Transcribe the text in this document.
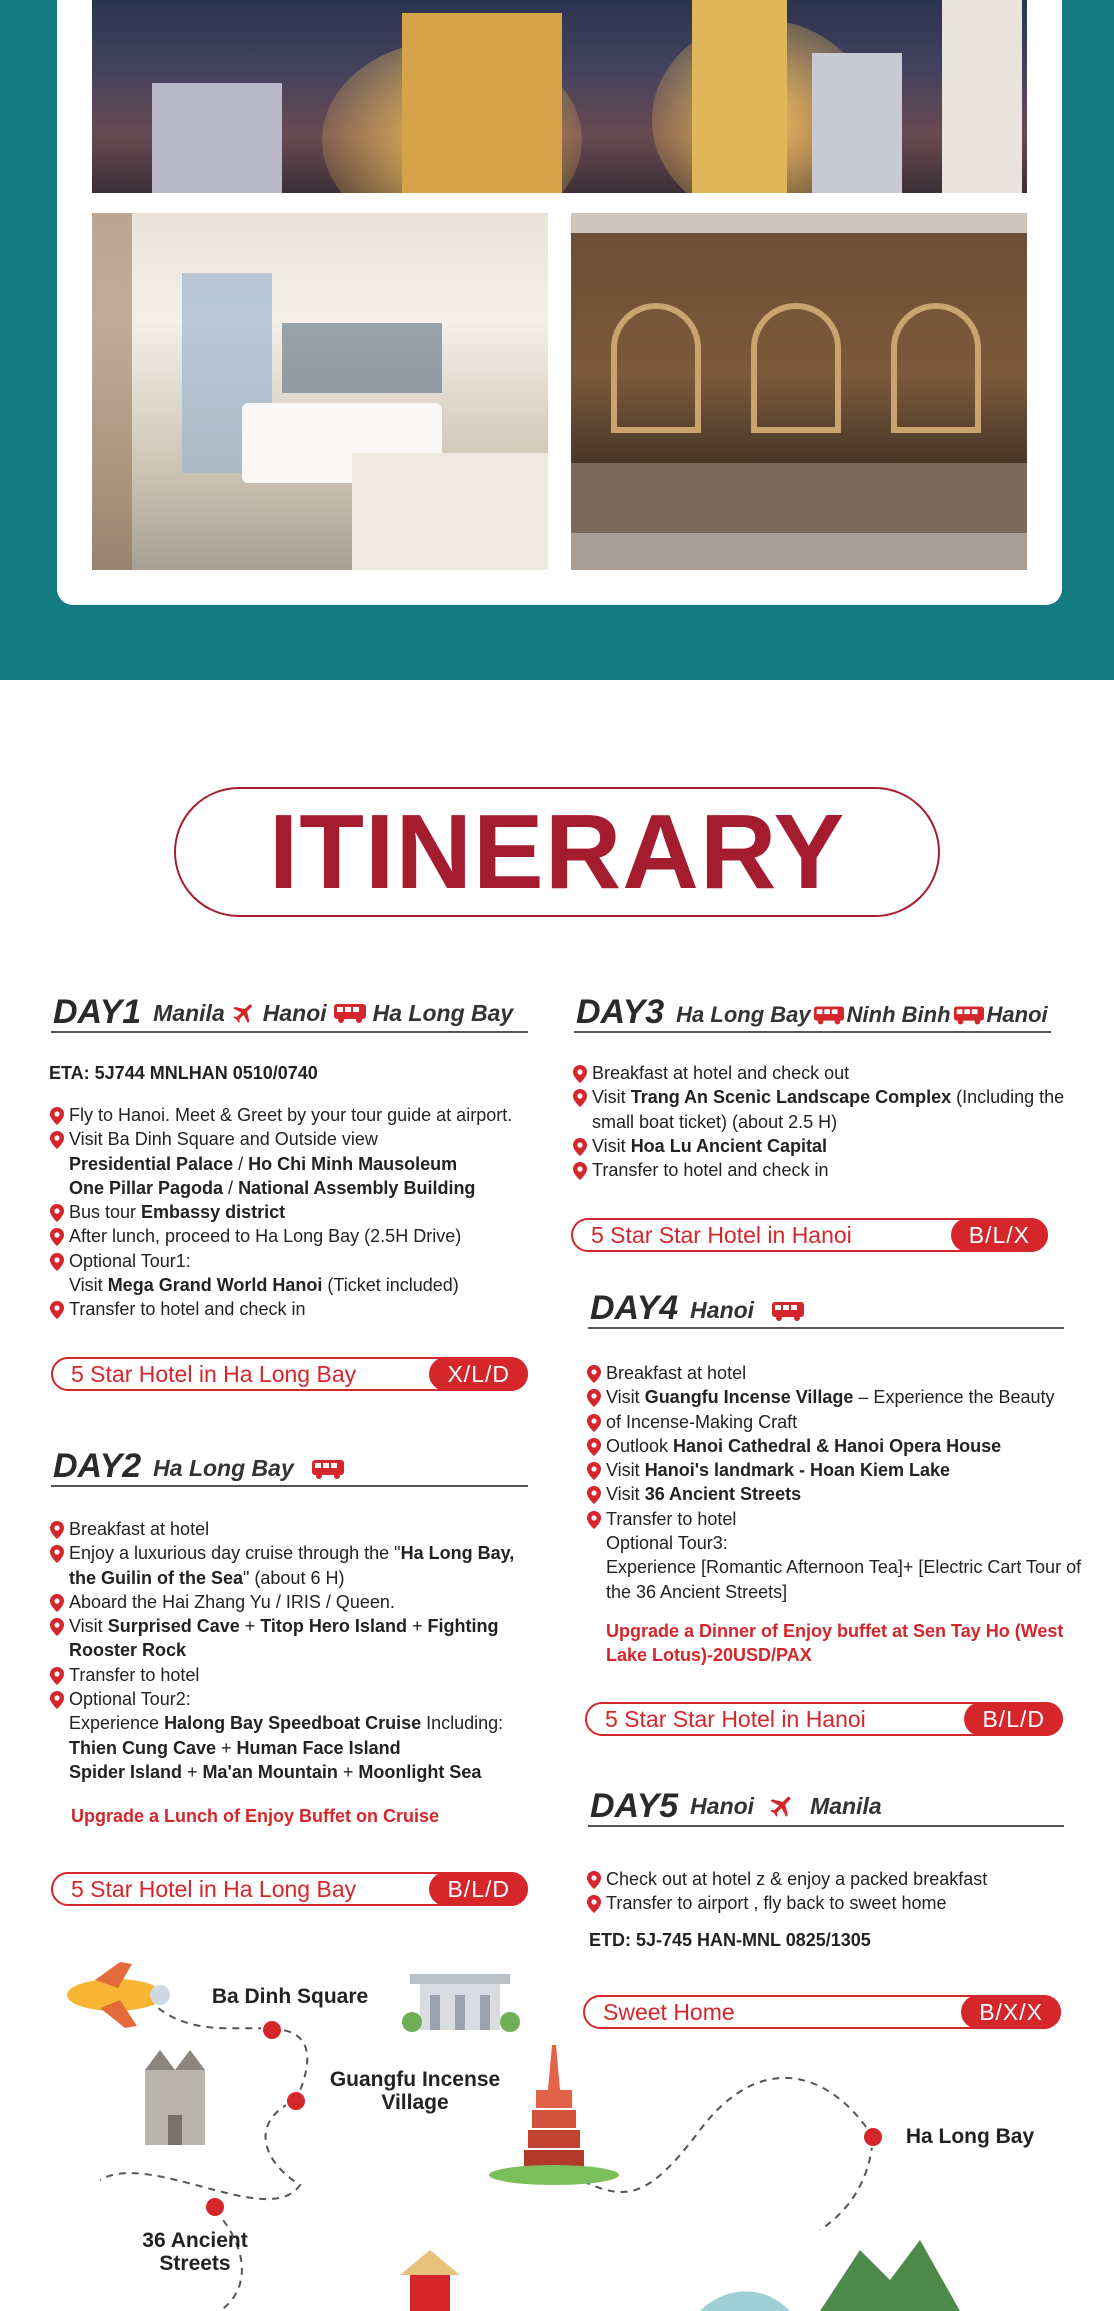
ITINERARY
DAY1 Manila Hanoi Ha Long Bay
ETA: 5J744 MNLHAN 0510/0740
Fly to Hanoi. Meet & Greet by your tour guide at airport.
Visit Ba Dinh Square and Outside view
Presidential Palace / Ho Chi Minh Mausoleum
One Pillar Pagoda / National Assembly Building
Bus tour Embassy district
After lunch, proceed to Ha Long Bay (2.5H Drive)
Optional Tour1:
Visit Mega Grand World Hanoi (Ticket included)
Transfer to hotel and check in
5 Star Hotel in Ha Long Bay	X/L/D
DAY2 Ha Long Bay
Breakfast at hotel
Enjoy a luxurious day cruise through the "Ha Long Bay, the Guilin of the Sea" (about 6 H)
Aboard the Hai Zhang Yu / IRIS / Queen.
Visit Surprised Cave + Titop Hero Island + Fighting Rooster Rock
Transfer to hotel
Optional Tour2:
Experience Halong Bay Speedboat Cruise Including:
Thien Cung Cave + Human Face Island
Spider Island + Ma'an Mountain + Moonlight Sea
Upgrade a Lunch of Enjoy Buffet on Cruise
5 Star Hotel in Ha Long Bay	B/L/D
DAY3 Ha Long Bay Ninh Binh Hanoi
Breakfast at hotel and check out
Visit Trang An Scenic Landscape Complex (Including the small boat ticket) (about 2.5 H)
Visit Hoa Lu Ancient Capital
Transfer to hotel and check in
5 Star Star Hotel in Hanoi	B/L/X
DAY4 Hanoi
Breakfast at hotel
Visit Guangfu Incense Village – Experience the Beauty
of Incense-Making Craft
Outlook Hanoi Cathedral & Hanoi Opera House
Visit Hanoi's landmark - Hoan Kiem Lake
Visit 36 Ancient Streets
Transfer to hotel
Optional Tour3:
Experience [Romantic Afternoon Tea]+ [Electric Cart Tour of the 36 Ancient Streets]
Upgrade a Dinner of Enjoy buffet at Sen Tay Ho (West Lake Lotus)-20USD/PAX
5 Star Star Hotel in Hanoi	B/L/D
DAY5 Hanoi Manila
Check out at hotel z & enjoy a packed breakfast
Transfer to airport , fly back to sweet home
ETD: 5J-745 HAN-MNL 0825/1305
Sweet Home	B/X/X
Ba Dinh Square
Guangfu Incense Village
Ha Long Bay
36 Ancient Streets
